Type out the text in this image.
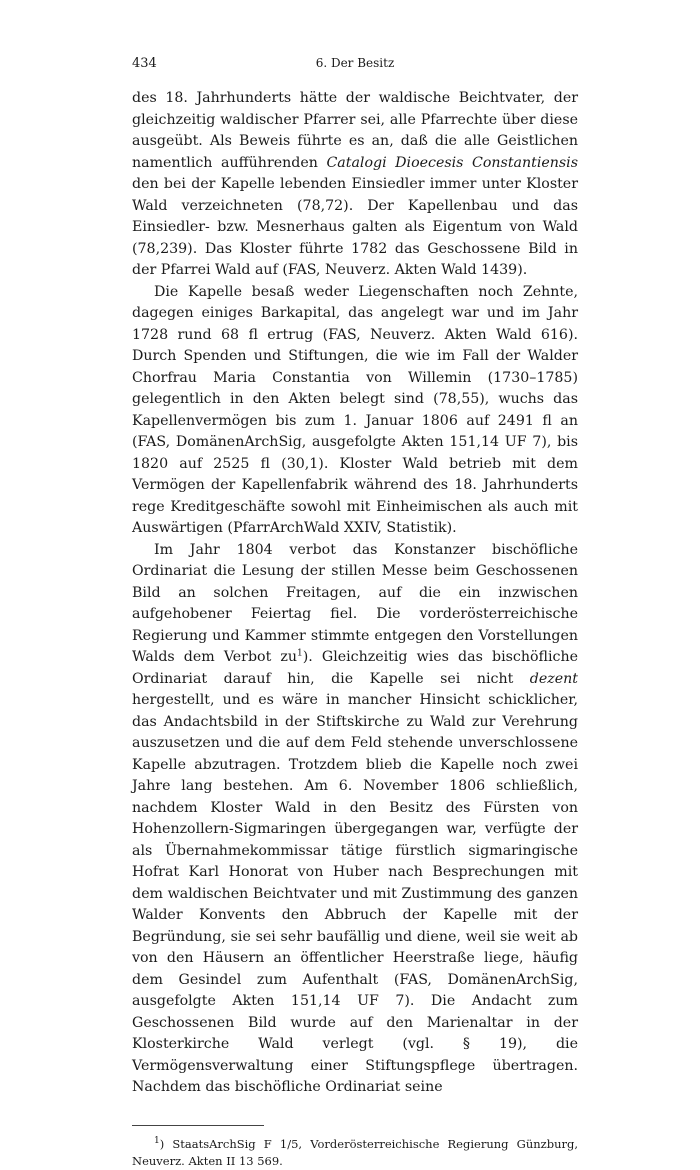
434	6. Der Besitz

des 18. Jahrhunderts hätte der waldische Beichtvater, der gleichzeitig waldischer Pfarrer sei, alle Pfarrechte über diese ausgeübt. Als Beweis führte es an, daß die alle Geistlichen namentlich aufführenden Catalogi Dioecesis Constantiensis den bei der Kapelle lebenden Einsiedler immer unter Kloster Wald verzeichneten (78,72). Der Kapellenbau und das Einsiedler- bzw. Mesnerhaus galten als Eigentum von Wald (78,239). Das Kloster führte 1782 das Geschossene Bild in der Pfarrei Wald auf (FAS, Neuverz. Akten Wald 1439).

Die Kapelle besaß weder Liegenschaften noch Zehnte, dagegen einiges Barkapital, das angelegt war und im Jahr 1728 rund 68 fl ertrug (FAS, Neuverz. Akten Wald 616). Durch Spenden und Stiftungen, die wie im Fall der Walder Chorfrau Maria Constantia von Willemin (1730–1785) gelegentlich in den Akten belegt sind (78,55), wuchs das Kapellenvermögen bis zum 1. Januar 1806 auf 2491 fl an (FAS, DomänenArchSig, ausgefolgte Akten 151,14 UF 7), bis 1820 auf 2525 fl (30,1). Kloster Wald betrieb mit dem Vermögen der Kapellenfabrik während des 18. Jahrhunderts rege Kreditgeschäfte sowohl mit Einheimischen als auch mit Auswärtigen (PfarrArchWald XXIV, Statistik).

Im Jahr 1804 verbot das Konstanzer bischöfliche Ordinariat die Lesung der stillen Messe beim Geschossenen Bild an solchen Freitagen, auf die ein inzwischen aufgehobener Feiertag fiel. Die vorderösterreichische Regierung und Kammer stimmte entgegen den Vorstellungen Walds dem Verbot $zu^1$). Gleichzeitig wies das bischöfliche Ordinariat darauf hin, die Kapelle sei nicht dezent hergestellt, und es wäre in mancher Hinsicht schicklicher, das Andachtsbild in der Stiftskirche zu Wald zur Verehrung auszusetzen und die auf dem Feld stehende unverschlossene Kapelle abzutragen. Trotzdem blieb die Kapelle noch zwei Jahre lang bestehen. Am 6. November 1806 schließlich, nachdem Kloster Wald in den Besitz des Fürsten von Hohenzollern-Sigmaringen übergegangen war, verfügte der als Übernahmekommissar tätige fürstlich sigmaringische Hofrat Karl Honorat von Huber nach Besprechungen mit dem waldischen Beichtvater und mit Zustimmung des ganzen Walder Konvents den Abbruch der Kapelle mit der Begründung, sie sei sehr baufällig und diene, weil sie weit ab von den Häusern an öffentlicher Heerstraße liege, häufig dem Gesindel zum Aufenthalt (FAS, DomänenArchSig, ausgefolgte Akten 151,14 UF 7). Die Andacht zum Geschossenen Bild wurde auf den Marienaltar in der Klosterkirche Wald verlegt (vgl. § 19), die Vermögensverwaltung einer Stiftungspflege übertragen. Nachdem das bischöfliche Ordinariat seine

$^1$) StaatsArchSig F 1/5, Vorderösterreichische Regierung Günzburg, Neuverz. Akten II 13 569.
